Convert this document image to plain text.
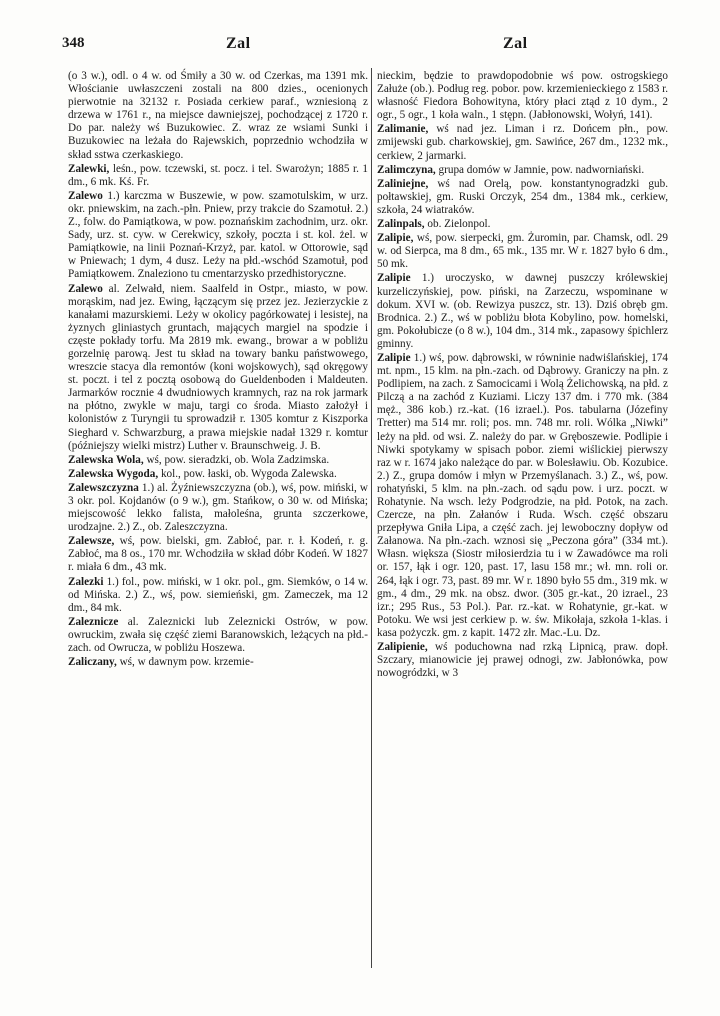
348	Zal	Zal
(o 3 w.), odl. o 4 w. od Śmiły a 30 w. od Czerkas, ma 1391 mk. Włościanie uwłaszczeni zostali na 800 dzies., ocenionych pierwotnie na 32132 r. Posiada cerkiew paraf., wzniesioną z drzewa w 1761 r., na miejsce dawniejszej, pochodzącej z 1720 r. Do par. należy wś Buzukowiec. Z. wraz ze wsiami Sunki i Buzukowiec na leżała do Rajewskich, poprzednio wchodziła w skład sstwa czerkaskiego.
Zalewki, leśn., pow. tczewski, st. pocz. i tel. Swarożyn; 1885 r. 1 dm., 6 mk. Kś. Fr.
Zalewo 1.) karczma w Buszewie, w pow. szamotulskim, w urz. okr. pniewskim, na zach.-płn. Pniew, przy trakcie do Szamotuł. 2.) Z., folw. do Pamiątkowa, w pow. poznańskim zachodnim, urz. okr. Sady, urz. st. cyw. w Cerekwicy, szkoły, poczta i st. kol. żel. w Pamiątkowie, na linii Poznań-Krzyż, par. katol. w Ottorowie, sąd w Pniewach; 1 dym, 4 dusz. Leży na płd.-wschód Szamotuł, pod Pamiątkowem. Znaleziono tu cmentarzysko przedhistoryczne.
Zalewo al. Zelwałd, niem. Saalfeld in Ostpr., miasto, w pow. morąskim, nad jez. Ewing, łączącym się przez jez. Jezierzyckie z kanałami mazurskiemi. Leży w okolicy pagórkowatej i lesistej, na żyznych gliniastych gruntach, mających margiel na spodzie i częste pokłady torfu. Ma 2819 mk. ewang., browar a w pobliżu gorzelnię parową. Jest tu skład na towary banku państwowego, wreszcie stacya dla remontów (koni wojskowych), sąd okręgowy st. poczt. i tel z pocztą osobową do Gueldenboden i Maldeuten. Jarmarków rocznie 4 dwudniowych kramnych, raz na rok jarmark na płótno, zwykle w maju, targi co środa. Miasto założył i kolonistów z Turyngii tu sprowadził r. 1305 komtur z Kiszporka Sieghard v. Schwarzburg, a prawa miejskie nadał 1329 r. komtur (późniejszy wielki mistrz) Luther v. Braunschweig. J. B.
Zalewska Wola, wś, pow. sieradzki, ob. Wola Zadzimska.
Zalewska Wygoda, kol., pow. łaski, ob. Wygoda Zalewska.
Zalewszczyzna 1.) al. Żyźniewszczyzna (ob.), wś, pow. miński, w 3 okr. pol. Kojdanów (o 9 w.), gm. Stańkow, o 30 w. od Mińska; miejscowość lekko falista, małoleśna, grunta szczerkowe, urodzajne. 2.) Z., ob. Zaleszczyzna.
Zalewsze, wś, pow. bielski, gm. Zabłoć, par. r. ł. Kodeń, r. g. Zabłoć, ma 8 os., 170 mr. Wchodziła w skład dóbr Kodeń. W 1827 r. miała 6 dm., 43 mk.
Zalezki 1.) fol., pow. miński, w 1 okr. pol., gm. Siemków, o 14 w. od Mińska. 2.) Z., wś, pow. siemieński, gm. Zameczek, ma 12 dm., 84 mk.
Zaleznicze al. Zaleznicki lub Zeleznicki Ostrów, w pow. owruckim, zwała się część ziemi Baranowskich, leżących na płd.-zach. od Owrucza, w pobliżu Hoszewa.
Zaliczany, wś, w dawnym pow. krzemie-
nieckim, będzie to prawdopodobnie wś pow. ostrogskiego Załuże (ob.). Podług reg. pobor. pow. krzemienieckiego z 1583 r. własność Fiedora Bohowityna, który płaci ztąd z 10 dym., 2 ogr., 5 ogr., 1 koła waln., 1 stępn. (Jabłonowski, Wołyń, 141).
Zalimanie, wś nad jez. Liman i rz. Dońcem płn., pow. zmijewski gub. charkowskiej, gm. Sawińce, 267 dm., 1232 mk., cerkiew, 2 jarmarki.
Zalimczyna, grupa domów w Jamnie, pow. nadworniański.
Zaliniejne, wś nad Orelą, pow. konstantynogradzki gub. połtawskiej, gm. Ruski Orczyk, 254 dm., 1384 mk., cerkiew, szkoła, 24 wiatraków.
Zalinpals, ob. Zielonpol.
Zalipie, wś, pow. sierpecki, gm. Żuromin, par. Chamsk, odl. 29 w. od Sierpca, ma 8 dm., 65 mk., 135 mr. W r. 1827 było 6 dm., 50 mk.
Zalipie 1.) uroczysko, w dawnej puszczy królewskiej kurzeliczyńskiej, pow. piński, na Zarzeczu, wspominane w dokum. XVI w. (ob. Rewizya puszcz, str. 13). Dziś obręb gm. Brodnica. 2.) Z., wś w pobliżu błota Kobylino, pow. homelski, gm. Pokołubicze (o 8 w.), 104 dm., 314 mk., zapasowy śpichlerz gminny.
Zalipie 1.) wś, pow. dąbrowski, w równinie nadwiślańskiej, 174 mt. npm., 15 klm. na płn.-zach. od Dąbrowy. Graniczy na płn. z Podlipiem, na zach. z Samocicami i Wolą Żelichowską, na płd. z Pilczą a na zachód z Kuziami. Liczy 137 dm. i 770 mk. (384 męż., 386 kob.) rz.-kat. (16 izrael.). Pos. tabularna (Józefiny Tretter) ma 514 mr. roli; pos. mn. 748 mr. roli. Wólka „Niwki” leży na płd. od wsi. Z. należy do par. w Gręboszewie. Podlipie i Niwki spotykamy w spisach pobor. ziemi wiślickiej pierwszy raz w r. 1674 jako należące do par. w Bolesławiu. Ob. Kozubice. 2.) Z., grupa domów i młyn w Przemyślanach. 3.) Z., wś, pow. rohatyński, 5 klm. na płn.-zach. od sądu pow. i urz. poczt. w Rohatynie. Na wsch. leży Podgrodzie, na płd. Potok, na zach. Czercze, na płn. Załanów i Ruda. Wsch. część obszaru przepływa Gniła Lipa, a część zach. jej lewoboczny dopływ od Załanowa. Na płn.-zach. wznosi się „Peczona góra” (334 mt.). Własn. większa (Siostr miłosierdzia tu i w Zawadówce ma roli or. 157, łąk i ogr. 120, past. 17, lasu 158 mr.; wł. mn. roli or. 264, łąk i ogr. 73, past. 89 mr. W r. 1890 było 55 dm., 319 mk. w gm., 4 dm., 29 mk. na obsz. dwor. (305 gr.-kat., 20 izrael., 23 izr.; 295 Rus., 53 Pol.). Par. rz.-kat. w Rohatynie, gr.-kat. w Potoku. We wsi jest cerkiew p. w. św. Mikołaja, szkoła 1-klas. i kasa pożyczk. gm. z kapit. 1472 złr. Mac.-Lu. Dz.
Zalipienie, wś poduchowna nad rzką Lipnicą, praw. dopł. Szczary, mianowicie jej prawej odnogi, zw. Jabłonówka, pow nowogródzki, w 3
